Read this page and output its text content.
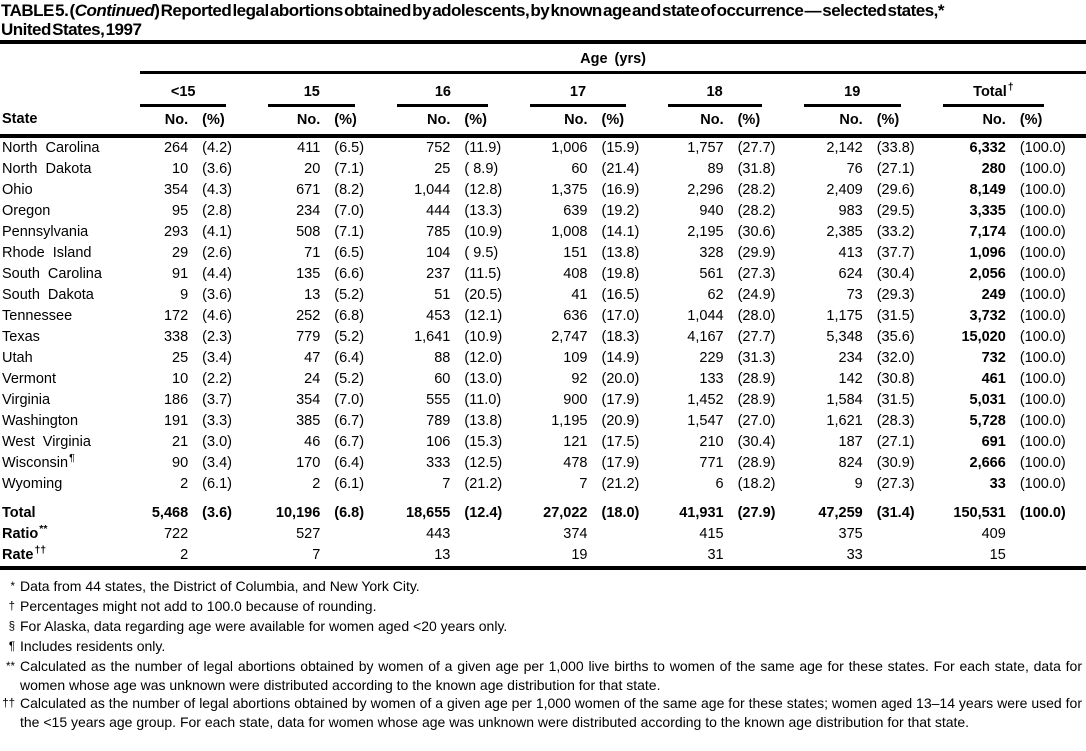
TABLE 5. (Continued) Reported legal abortions obtained by adolescents, by known age and state of occurrence — selected states,*
United States, 1997
State	Age (yrs)													

	<15		15		16		17		18		19		Total†

	No.	(%)	No.	(%)	No.	(%)	No.	(%)	No.	(%)	No.	(%)	No.	(%)
North Carolina	264	(4.2)	411	(6.5)	752	(11.9)	1,006	(15.9)	1,757	(27.7)	2,142	(33.8)	6,332	(100.0)
North Dakota	10	(3.6)	20	(7.1)	25	( 8.9)	60	(21.4)	89	(31.8)	76	(27.1)	280	(100.0)
Ohio	354	(4.3)	671	(8.2)	1,044	(12.8)	1,375	(16.9)	2,296	(28.2)	2,409	(29.6)	8,149	(100.0)
Oregon	95	(2.8)	234	(7.0)	444	(13.3)	639	(19.2)	940	(28.2)	983	(29.5)	3,335	(100.0)
Pennsylvania	293	(4.1)	508	(7.1)	785	(10.9)	1,008	(14.1)	2,195	(30.6)	2,385	(33.2)	7,174	(100.0)
Rhode Island	29	(2.6)	71	(6.5)	104	( 9.5)	151	(13.8)	328	(29.9)	413	(37.7)	1,096	(100.0)
South Carolina	91	(4.4)	135	(6.6)	237	(11.5)	408	(19.8)	561	(27.3)	624	(30.4)	2,056	(100.0)
South Dakota	9	(3.6)	13	(5.2)	51	(20.5)	41	(16.5)	62	(24.9)	73	(29.3)	249	(100.0)
Tennessee	172	(4.6)	252	(6.8)	453	(12.1)	636	(17.0)	1,044	(28.0)	1,175	(31.5)	3,732	(100.0)
Texas	338	(2.3)	779	(5.2)	1,641	(10.9)	2,747	(18.3)	4,167	(27.7)	5,348	(35.6)	15,020	(100.0)
Utah	25	(3.4)	47	(6.4)	88	(12.0)	109	(14.9)	229	(31.3)	234	(32.0)	732	(100.0)
Vermont	10	(2.2)	24	(5.2)	60	(13.0)	92	(20.0)	133	(28.9)	142	(30.8)	461	(100.0)
Virginia	186	(3.7)	354	(7.0)	555	(11.0)	900	(17.9)	1,452	(28.9)	1,584	(31.5)	5,031	(100.0)
Washington	191	(3.3)	385	(6.7)	789	(13.8)	1,195	(20.9)	1,547	(27.0)	1,621	(28.3)	5,728	(100.0)
West Virginia	21	(3.0)	46	(6.7)	106	(15.3)	121	(17.5)	210	(30.4)	187	(27.1)	691	(100.0)
Wisconsin¶	90	(3.4)	170	(6.4)	333	(12.5)	478	(17.9)	771	(28.9)	824	(30.9)	2,666	(100.0)
Wyoming	2	(6.1)	2	(6.1)	7	(21.2)	7	(21.2)	6	(18.2)	9	(27.3)	33	(100.0)
Total	5,468	(3.6)	10,196	(6.8)	18,655	(12.4)	27,022	(18.0)	41,931	(27.9)	47,259	(31.4)	150,531	(100.0)
Ratio**	722		527		443		374		415		375		409	
Rate††	2		7		13		19		31		33		15	
* Data from 44 states, the District of Columbia, and New York City.
† Percentages might not add to 100.0 because of rounding.
§ For Alaska, data regarding age were available for women aged <20 years only.
¶ Includes residents only.
** Calculated as the number of legal abortions obtained by women of a given age per 1,000 live births to women of the same age for these states. For each state, data for women whose age was unknown were distributed according to the known age distribution for that state.
†† Calculated as the number of legal abortions obtained by women of a given age per 1,000 women of the same age for these states; women aged 13–14 years were used for the <15 years age group. For each state, data for women whose age was unknown were distributed according to the known age distribution for that state.
